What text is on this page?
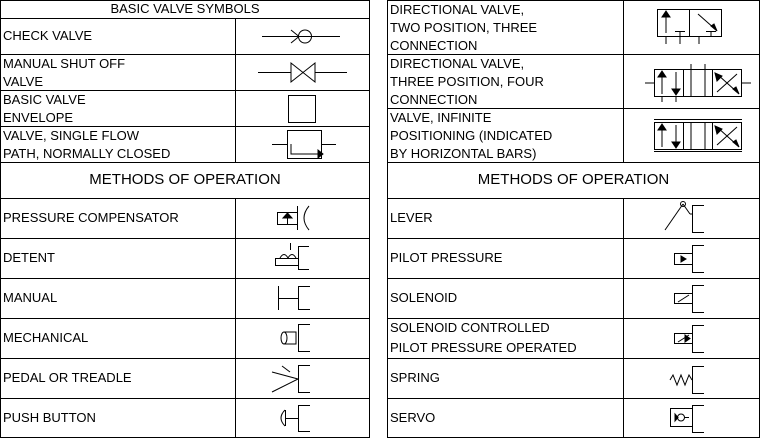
BASIC VALVE SYMBOLS
CHECK VALVE
MANUAL SHUT OFF
VALVE
BASIC VALVE
ENVELOPE
VALVE, SINGLE FLOW
PATH, NORMALLY CLOSED
METHODS OF OPERATION
PRESSURE COMPENSATOR
DETENT
MANUAL
MECHANICAL
PEDAL OR TREADLE
PUSH BUTTON
DIRECTIONAL VALVE,
TWO POSITION, THREE
CONNECTION
DIRECTIONAL VALVE,
THREE POSITION, FOUR
CONNECTION
VALVE, INFINITE
POSITIONING (INDICATED
BY HORIZONTAL BARS)
METHODS OF OPERATION
LEVER
PILOT PRESSURE
SOLENOID
SOLENOID CONTROLLED
PILOT PRESSURE OPERATED
SPRING
SERVO
